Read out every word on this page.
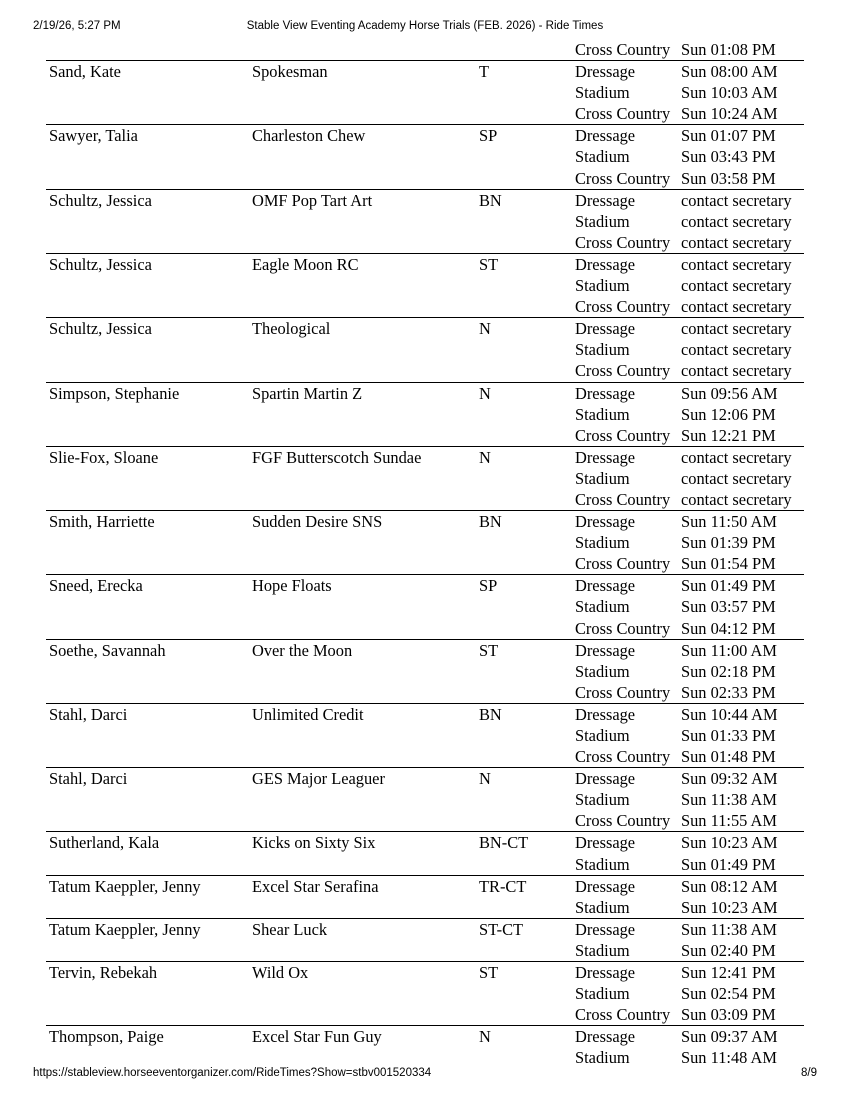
2/19/26, 5:27 PM	Stable View Eventing Academy Horse Trials (FEB. 2026) - Ride Times
Cross Country Sun 01:08 PM
Sand, Kate	Spokesman	T	Dressage	Sun 08:00 AM
Stadium	Sun 10:03 AM
Cross Country Sun 10:24 AM
Sawyer, Talia	Charleston Chew	SP	Dressage	Sun 01:07 PM
Stadium	Sun 03:43 PM
Cross Country Sun 03:58 PM
Schultz, Jessica	OMF Pop Tart Art	BN	Dressage	contact secretary
Stadium	contact secretary
Cross Country contact secretary
Schultz, Jessica	Eagle Moon RC	ST	Dressage	contact secretary
Stadium	contact secretary
Cross Country contact secretary
Schultz, Jessica	Theological	N	Dressage	contact secretary
Stadium	contact secretary
Cross Country contact secretary
Simpson, Stephanie	Spartin Martin Z	N	Dressage	Sun 09:56 AM
Stadium	Sun 12:06 PM
Cross Country Sun 12:21 PM
Slie-Fox, Sloane	FGF Butterscotch Sundae	N	Dressage	contact secretary
Stadium	contact secretary
Cross Country contact secretary
Smith, Harriette	Sudden Desire SNS	BN	Dressage	Sun 11:50 AM
Stadium	Sun 01:39 PM
Cross Country Sun 01:54 PM
Sneed, Erecka	Hope Floats	SP	Dressage	Sun 01:49 PM
Stadium	Sun 03:57 PM
Cross Country Sun 04:12 PM
Soethe, Savannah	Over the Moon	ST	Dressage	Sun 11:00 AM
Stadium	Sun 02:18 PM
Cross Country Sun 02:33 PM
Stahl, Darci	Unlimited Credit	BN	Dressage	Sun 10:44 AM
Stadium	Sun 01:33 PM
Cross Country Sun 01:48 PM
Stahl, Darci	GES Major Leaguer	N	Dressage	Sun 09:32 AM
Stadium	Sun 11:38 AM
Cross Country Sun 11:55 AM
Sutherland, Kala	Kicks on Sixty Six	BN-CT	Dressage	Sun 10:23 AM
Stadium	Sun 01:49 PM
Tatum Kaeppler, Jenny	Excel Star Serafina	TR-CT	Dressage	Sun 08:12 AM
Stadium	Sun 10:23 AM
Tatum Kaeppler, Jenny	Shear Luck	ST-CT	Dressage	Sun 11:38 AM
Stadium	Sun 02:40 PM
Tervin, Rebekah	Wild Ox	ST	Dressage	Sun 12:41 PM
Stadium	Sun 02:54 PM
Cross Country Sun 03:09 PM
Thompson, Paige	Excel Star Fun Guy	N	Dressage	Sun 09:37 AM
Stadium	Sun 11:48 AM
https://stableview.horseeventorganizer.com/RideTimes?Show=stbv001520334	8/9
